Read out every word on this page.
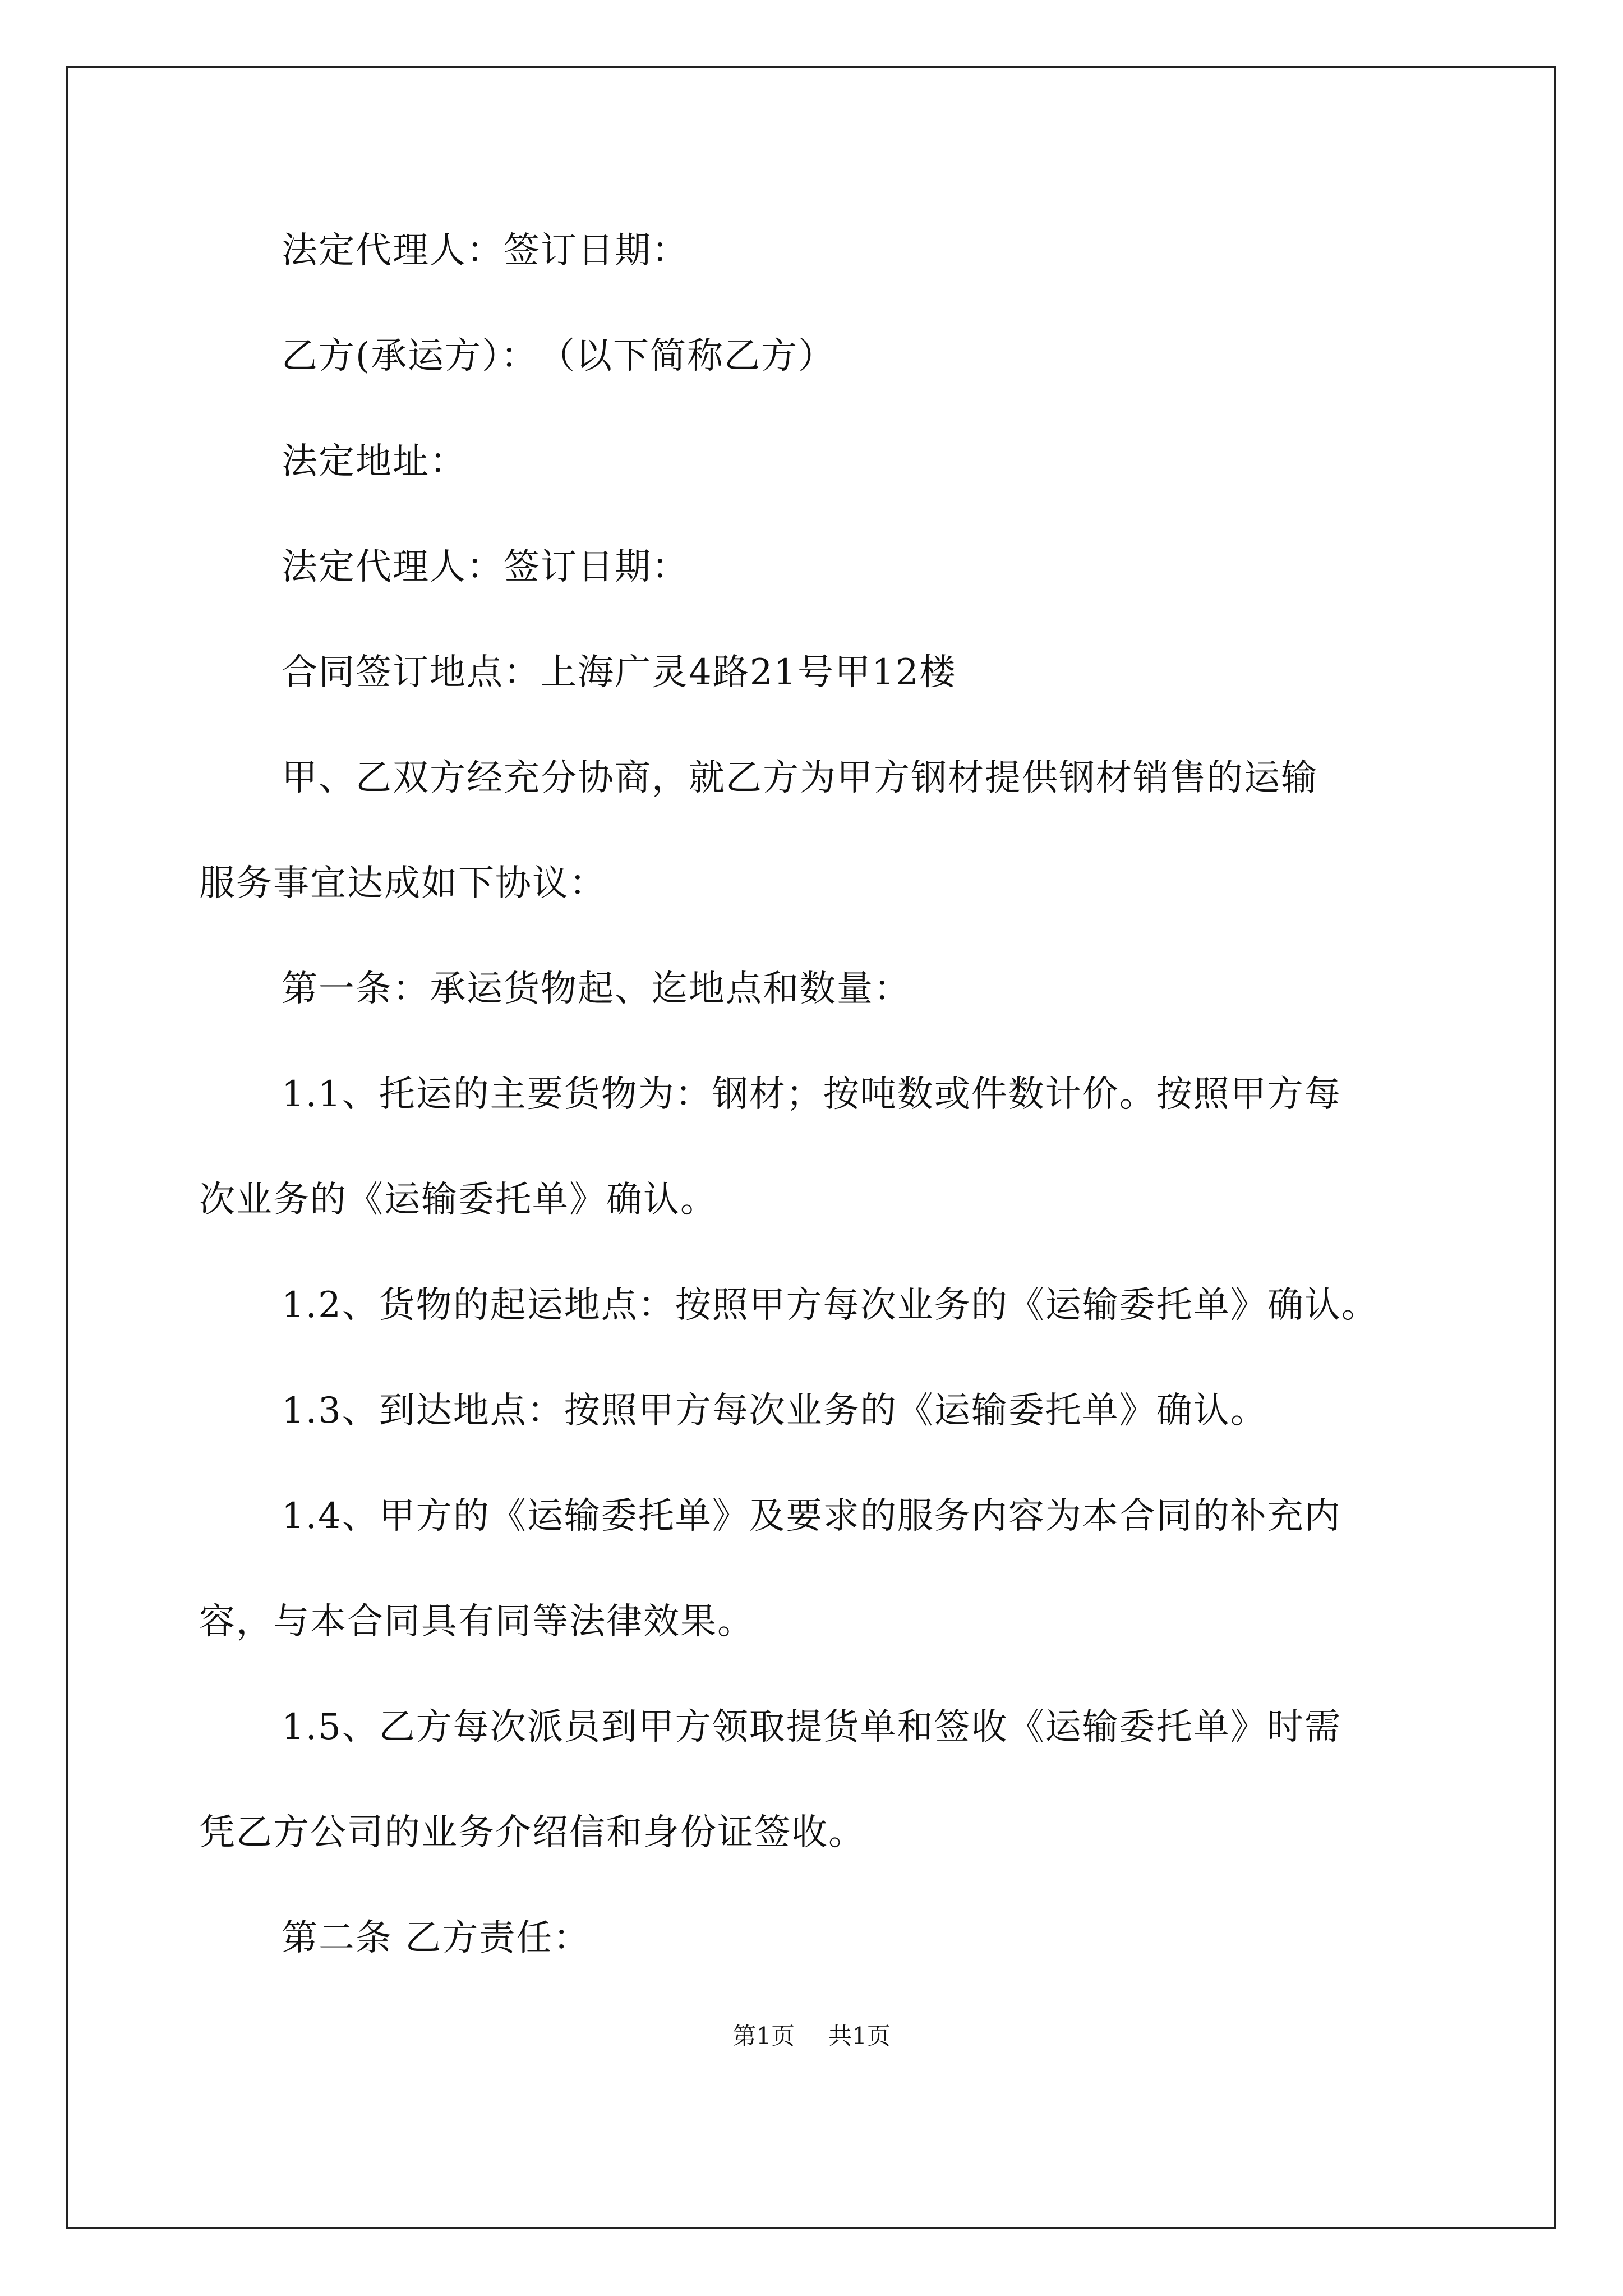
法定代理人：签订日期：
乙方(承运方）：　（以下简称乙方）
法定地址：
法定代理人：签订日期：
合同签订地点：上海广灵4路21号甲12楼
甲、乙双方经充分协商，就乙方为甲方钢材提供钢材销售的运输
服务事宜达成如下协议：
第一条：承运货物起、迄地点和数量：
1.1、托运的主要货物为：钢材；按吨数或件数计价。按照甲方每
次业务的《运输委托单》确认。
1.2、货物的起运地点：按照甲方每次业务的《运输委托单》确认。
1.3、到达地点：按照甲方每次业务的《运输委托单》确认。
1.4、甲方的《运输委托单》及要求的服务内容为本合同的补充内
容，与本合同具有同等法律效果。
1.5、乙方每次派员到甲方领取提货单和签收《运输委托单》时需
凭乙方公司的业务介绍信和身份证签收。
第二条 乙方责任：
第1页 共1页
